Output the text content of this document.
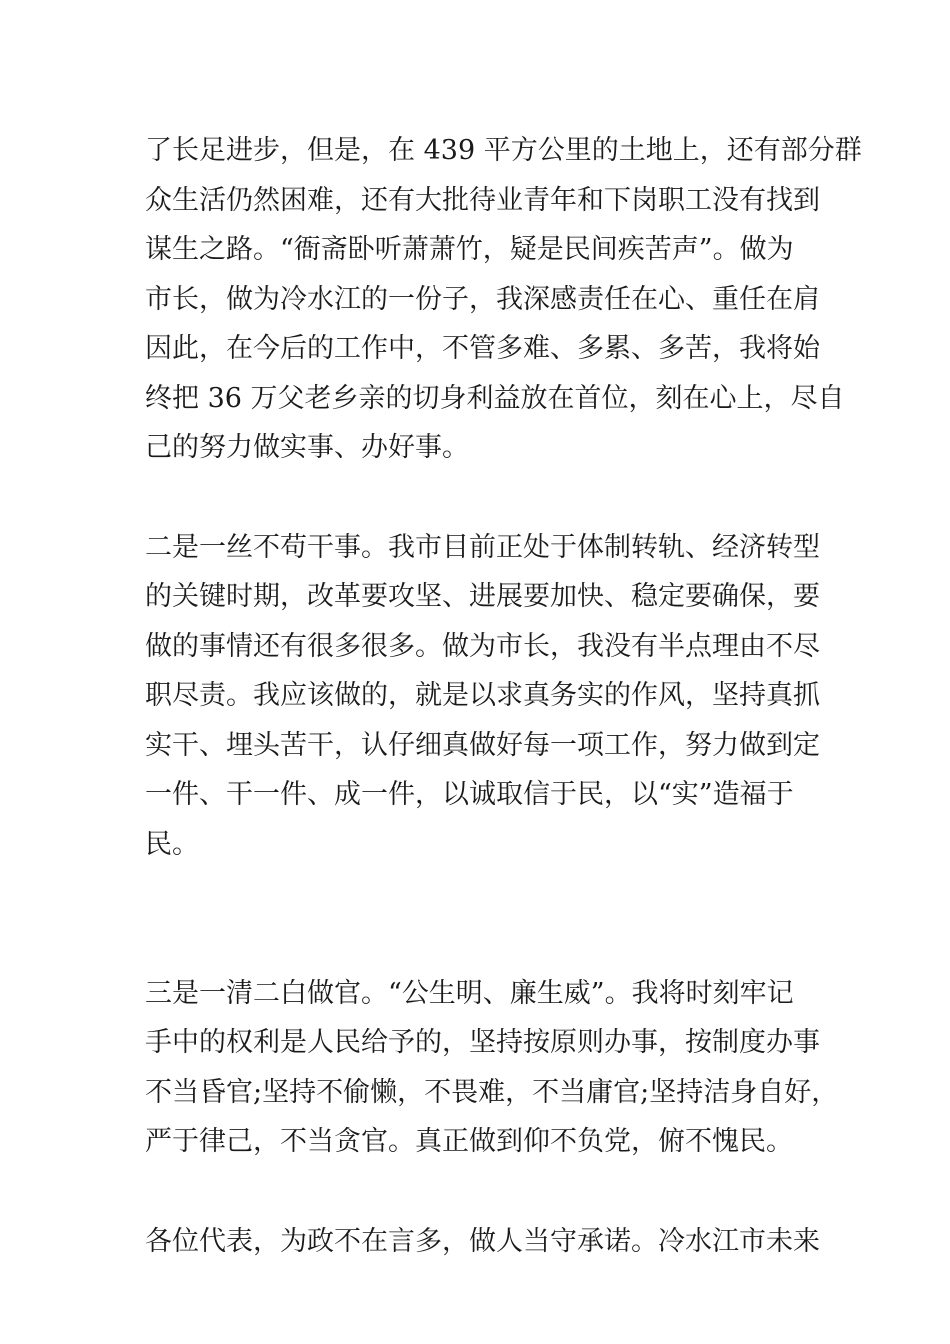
了长足进步，但是，在 439 平方公里的土地上，还有部分群
众生活仍然困难，还有大批待业青年和下岗职工没有找到
谋生之路。“衙斋卧听萧萧竹，疑是民间疾苦声”。做为
市长，做为冷水江的一份子，我深感责任在心、重任在肩
因此，在今后的工作中，不管多难、多累、多苦，我将始
终把 36 万父老乡亲的切身利益放在首位，刻在心上，尽自
己的努力做实事、办好事。
二是一丝不苟干事。我市目前正处于体制转轨、经济转型
的关键时期，改革要攻坚、进展要加快、稳定要确保，要
做的事情还有很多很多。做为市长，我没有半点理由不尽
职尽责。我应该做的，就是以求真务实的作风，坚持真抓
实干、埋头苦干，认仔细真做好每一项工作，努力做到定
一件、干一件、成一件，以诚取信于民，以“实”造福于
民。
三是一清二白做官。“公生明、廉生威”。我将时刻牢记
手中的权利是人民给予的，坚持按原则办事，按制度办事
不当昏官;坚持不偷懒，不畏难，不当庸官;坚持洁身自好，
严于律己，不当贪官。真正做到仰不负党，俯不愧民。
各位代表，为政不在言多，做人当守承诺。冷水江市未来
